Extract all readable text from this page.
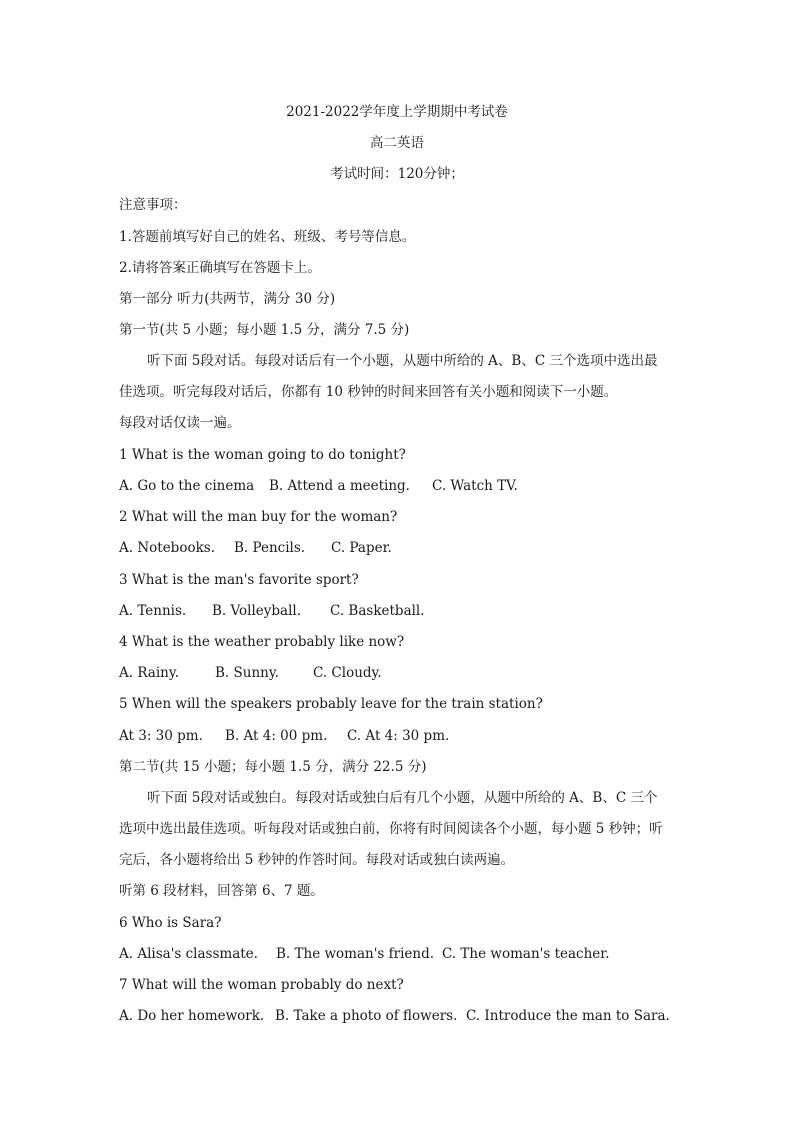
2021-2022学年度上学期期中考试卷
高二英语
考试时间：120分钟；
注意事项：
1.答题前填写好自己的姓名、班级、考号等信息。
2.请将答案正确填写在答题卡上。
第一部分 听力(共两节，满分 30 分)
第一节(共 5 小题；每小题 1.5 分，满分 7.5 分)
听下面 5段对话。每段对话后有一个小题，从题中所给的 A、B、C 三个选项中选出最
佳选项。听完每段对话后，你都有 10 秒钟的时间来回答有关小题和阅读下一小题。
每段对话仅读一遍。
1 What is the woman going to do tonight?
A. Go to the cinema B. Attend a meeting. C. Watch TV.
2 What will the man buy for the woman?
A. Notebooks. B. Pencils. C. Paper.
3 What is the man's favorite sport?
A. Tennis. B. Volleyball. C. Basketball.
4 What is the weather probably like now?
A. Rainy.	B. Sunny.	C. Cloudy.
5 When will the speakers probably leave for the train station?
At 3: 30 pm. B. At 4: 00 pm. C. At 4: 30 pm.
第二节(共 15 小题；每小题 1.5 分，满分 22.5 分)
听下面 5段对话或独白。每段对话或独白后有几个小题，从题中所给的 A、B、C 三个
选项中选出最佳选项。听每段对话或独白前，你将有时间阅读各个小题，每小题 5 秒钟；听
完后，各小题将给出 5 秒钟的作答时间。每段对话或独白读两遍。
听第 6 段材料，回答第 6、7 题。
6 Who is Sara?
A. Alisa's classmate. B. The woman's friend. C. The woman's teacher.
7 What will the woman probably do next?
A. Do her homework. B. Take a photo of flowers. C. Introduce the man to Sara.
